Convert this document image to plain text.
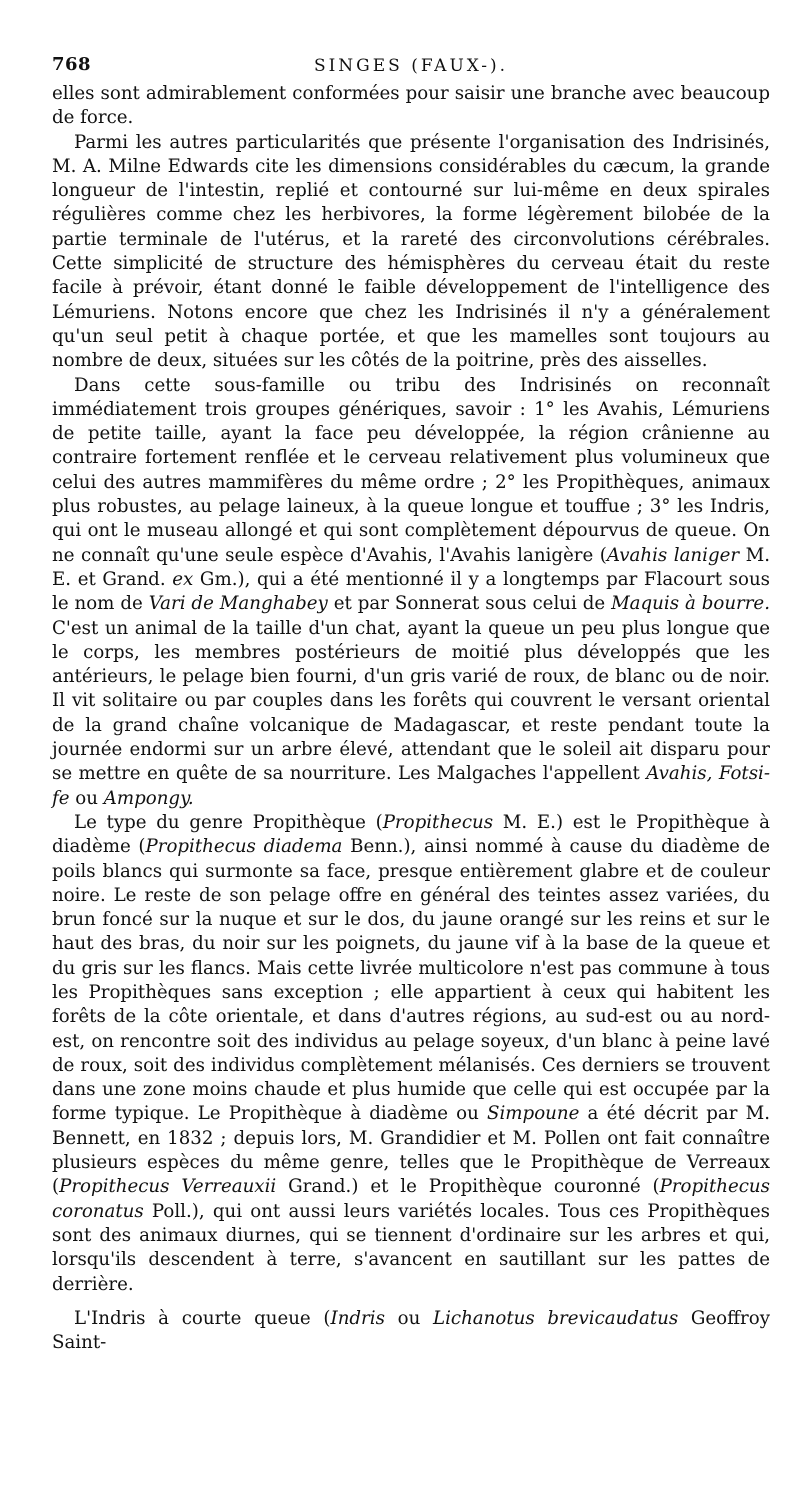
768	SINGES (FAUX-).

elles sont admirablement conformées pour saisir une branche avec beaucoup de force.

Parmi les autres particularités que présente l'organisation des Indrisinés, M. A. Milne Edwards cite les dimensions considérables du cæcum, la grande longueur de l'intestin, replié et contourné sur lui-même en deux spirales régulières comme chez les herbivores, la forme légèrement bilobée de la partie terminale de l'utérus, et la rareté des circonvolutions cérébrales. Cette simplicité de structure des hémisphères du cerveau était du reste facile à prévoir, étant donné le faible développement de l'intelligence des Lémuriens. Notons encore que chez les Indrisinés il n'y a généralement qu'un seul petit à chaque portée, et que les mamelles sont toujours au nombre de deux, situées sur les côtés de la poitrine, près des aisselles.

Dans cette sous-famille ou tribu des Indrisinés on reconnaît immédiatement trois groupes génériques, savoir : 1° les Avahis, Lémuriens de petite taille, ayant la face peu développée, la région crânienne au contraire fortement renflée et le cerveau relativement plus volumineux que celui des autres mammifères du même ordre ; 2° les Propithèques, animaux plus robustes, au pelage laineux, à la queue longue et touffue ; 3° les Indris, qui ont le museau allongé et qui sont complètement dépourvus de queue. On ne connaît qu'une seule espèce d'Avahis, l'Avahis lanigère (Avahis laniger M. E. et Grand. ex Gm.), qui a été mentionné il y a longtemps par Flacourt sous le nom de Vari de Manghabey et par Sonnerat sous celui de Maquis à bourre. C'est un animal de la taille d'un chat, ayant la queue un peu plus longue que le corps, les membres postérieurs de moitié plus développés que les antérieurs, le pelage bien fourni, d'un gris varié de roux, de blanc ou de noir. Il vit solitaire ou par couples dans les forêts qui couvrent le versant oriental de la grand chaîne volcanique de Madagascar, et reste pendant toute la journée endormi sur un arbre élevé, attendant que le soleil ait disparu pour se mettre en quête de sa nourriture. Les Malgaches l'appellent Avahis, Fotsi-fe ou Ampongy.

Le type du genre Propithèque (Propithecus M. E.) est le Propithèque à diadème (Propithecus diadema Benn.), ainsi nommé à cause du diadème de poils blancs qui surmonte sa face, presque entièrement glabre et de couleur noire. Le reste de son pelage offre en général des teintes assez variées, du brun foncé sur la nuque et sur le dos, du jaune orangé sur les reins et sur le haut des bras, du noir sur les poignets, du jaune vif à la base de la queue et du gris sur les flancs. Mais cette livrée multicolore n'est pas commune à tous les Propithèques sans exception ; elle appartient à ceux qui habitent les forêts de la côte orientale, et dans d'autres régions, au sud-est ou au nord-est, on rencontre soit des individus au pelage soyeux, d'un blanc à peine lavé de roux, soit des individus complètement mélanisés. Ces derniers se trouvent dans une zone moins chaude et plus humide que celle qui est occupée par la forme typique. Le Propithèque à diadème ou Simpoune a été décrit par M. Bennett, en 1832 ; depuis lors, M. Grandidier et M. Pollen ont fait connaître plusieurs espèces du même genre, telles que le Propithèque de Verreaux (Propithecus Verreauxii Grand.) et le Propithèque couronné (Propithecus coronatus Poll.), qui ont aussi leurs variétés locales. Tous ces Propithèques sont des animaux diurnes, qui se tiennent d'ordinaire sur les arbres et qui, lorsqu'ils descendent à terre, s'avancent en sautillant sur les pattes de derrière.

L'Indris à courte queue (Indris ou Lichanotus brevicaudatus Geoffroy Saint-
